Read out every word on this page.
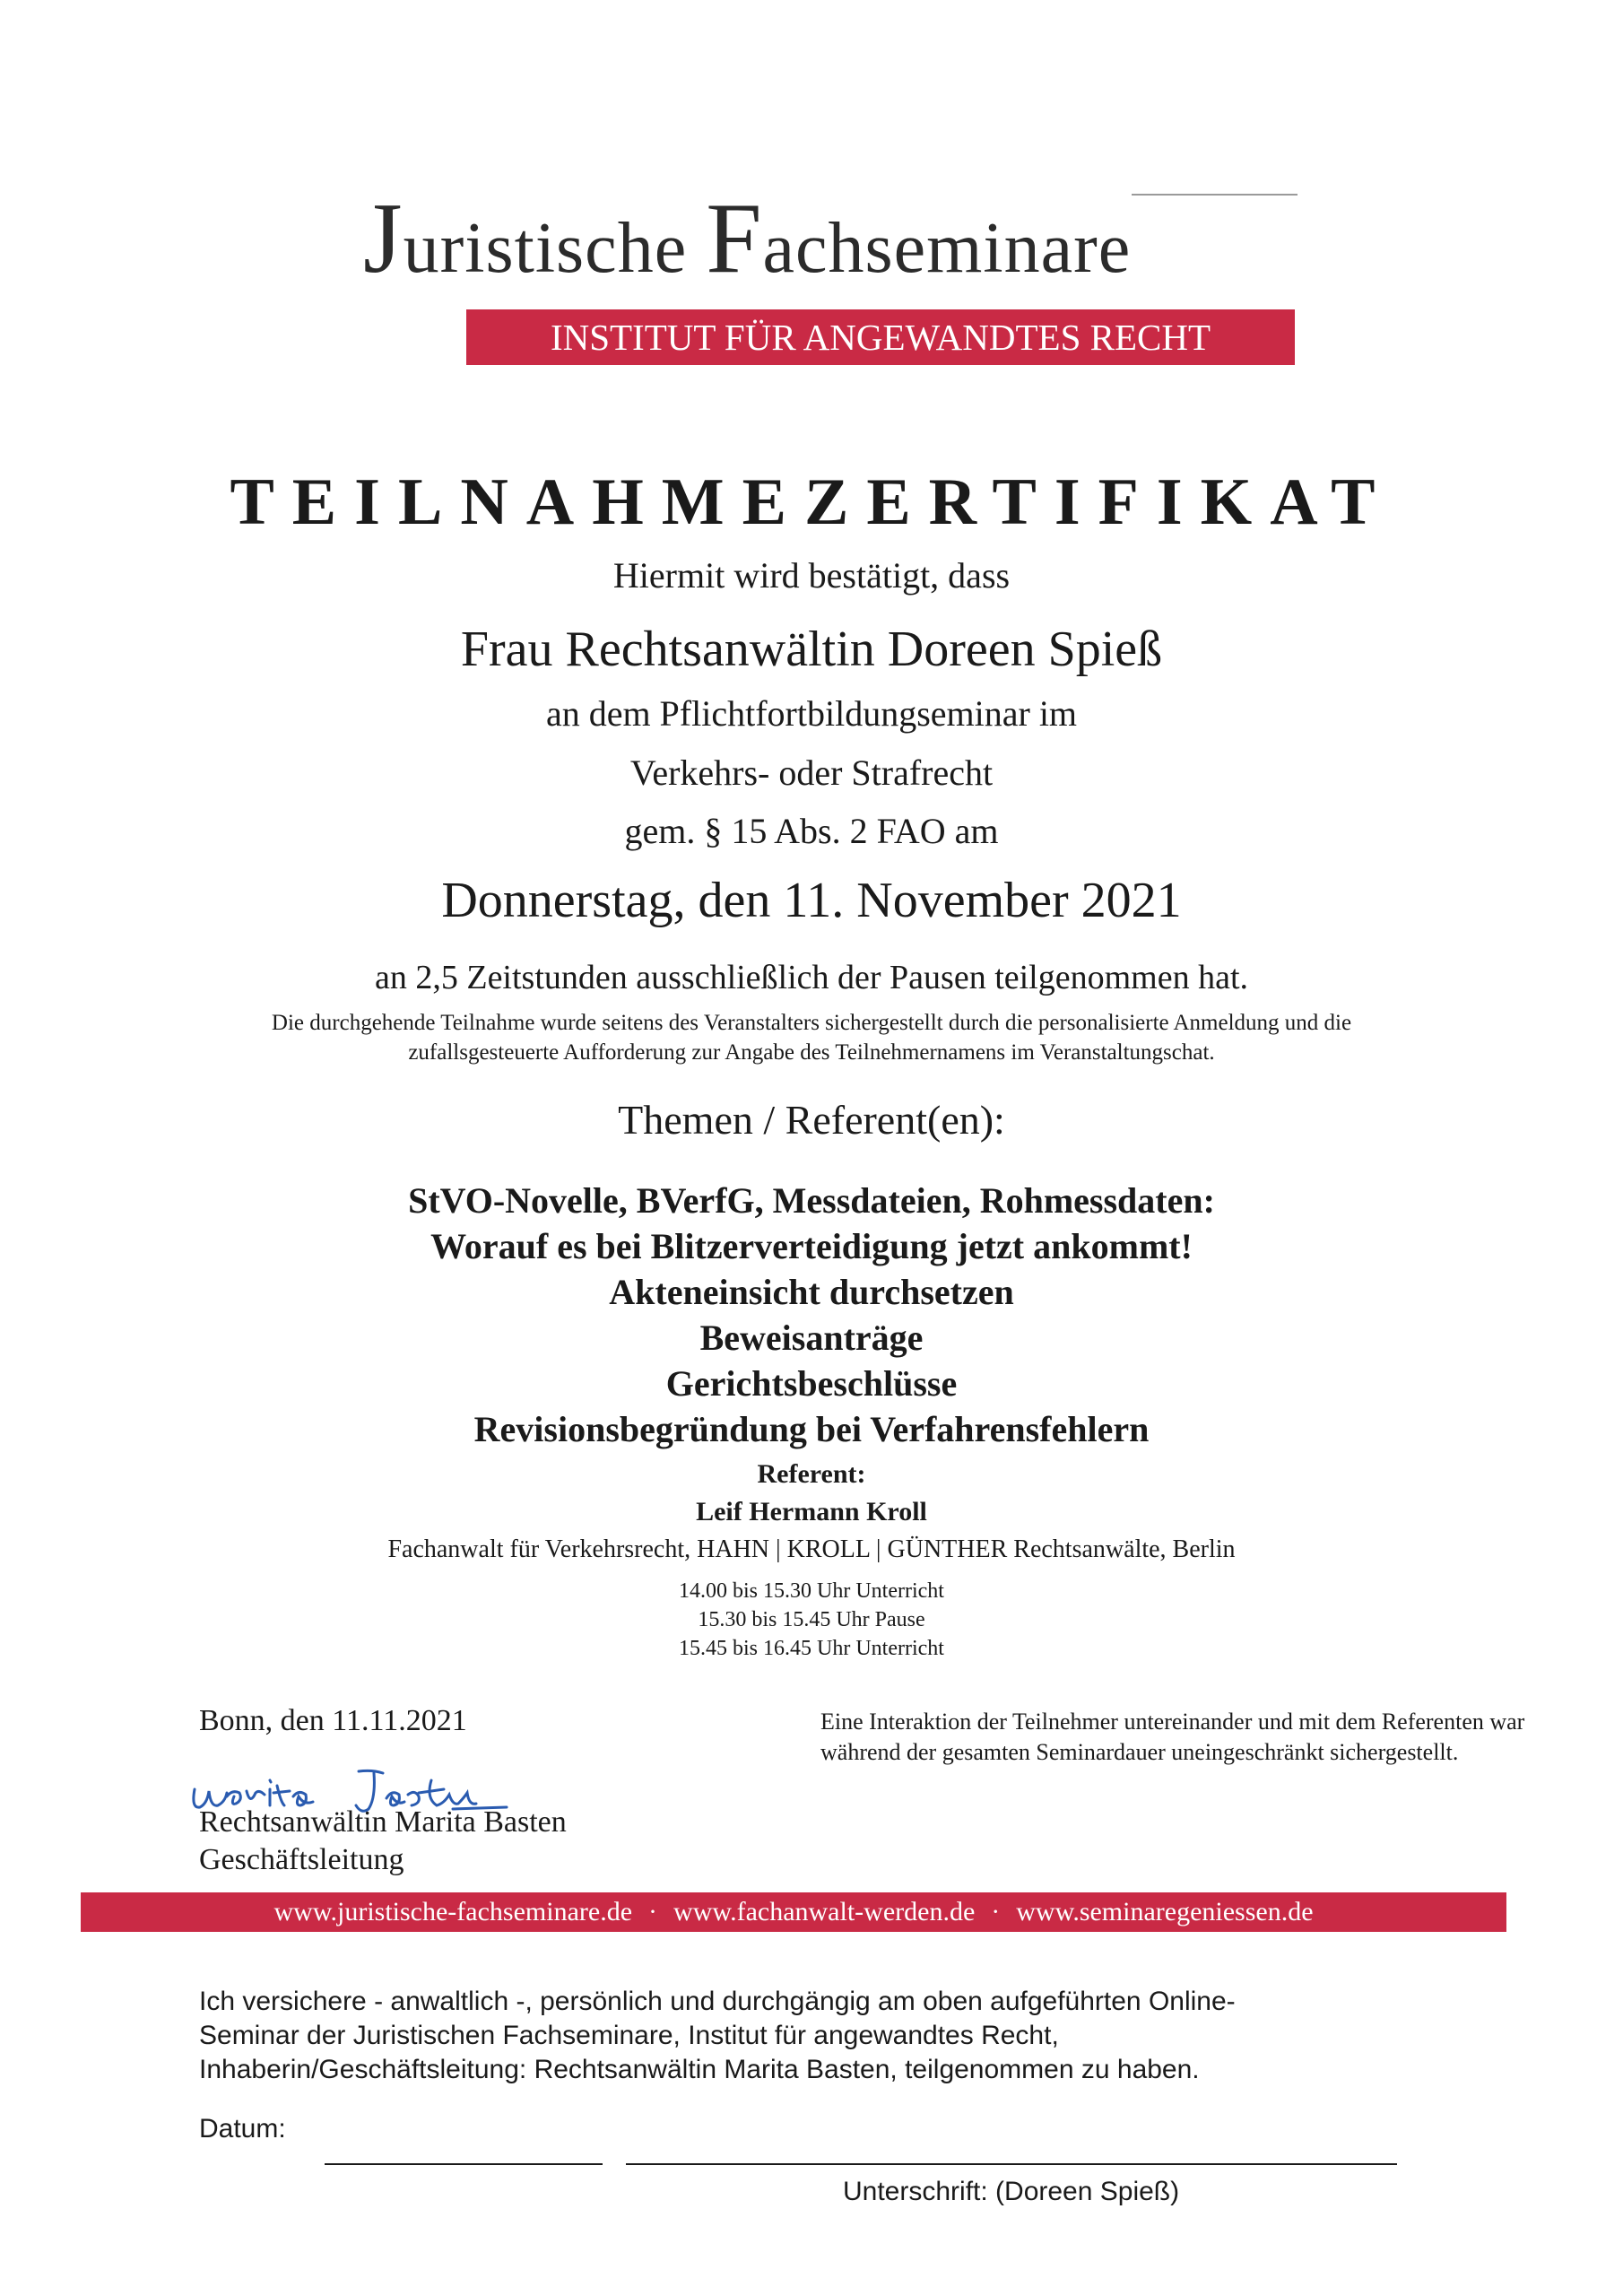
Juristische Fachseminare
INSTITUT FÜR ANGEWANDTES RECHT
TEILNAHMEZERTIFIKAT
Hiermit wird bestätigt, dass
Frau Rechtsanwältin Doreen Spieß
an dem Pflichtfortbildungseminar im
Verkehrs- oder Strafrecht
gem. § 15 Abs. 2 FAO am
Donnerstag, den 11. November 2021
an 2,5 Zeitstunden ausschließlich der Pausen teilgenommen hat.
Die durchgehende Teilnahme wurde seitens des Veranstalters sichergestellt durch die personalisierte Anmeldung und die
zufallsgesteuerte Aufforderung zur Angabe des Teilnehmernamens im Veranstaltungschat.
Themen / Referent(en):
StVO-Novelle, BVerfG, Messdateien, Rohmessdaten:
Worauf es bei Blitzerverteidigung jetzt ankommt!
Akteneinsicht durchsetzen
Beweisanträge
Gerichtsbeschlüsse
Revisionsbegründung bei Verfahrensfehlern
Referent:
Leif Hermann Kroll
Fachanwalt für Verkehrsrecht, HAHN | KROLL | GÜNTHER Rechtsanwälte, Berlin
14.00 bis 15.30 Uhr Unterricht
15.30 bis 15.45 Uhr Pause
15.45 bis 16.45 Uhr Unterricht
Bonn, den 11.11.2021
Rechtsanwältin Marita Basten
Geschäftsleitung
Eine Interaktion der Teilnehmer untereinander und mit dem Referenten war während der gesamten Seminardauer uneingeschränkt sichergestellt.
www.juristische-fachseminare.de · www.fachanwalt-werden.de · www.seminaregeniessen.de
Ich versichere - anwaltlich -, persönlich und durchgängig am oben aufgeführten Online-
Seminar der Juristischen Fachseminare, Institut für angewandtes Recht,
Inhaberin/Geschäftsleitung: Rechtsanwältin Marita Basten, teilgenommen zu haben.
Datum:
Unterschrift: (Doreen Spieß)
